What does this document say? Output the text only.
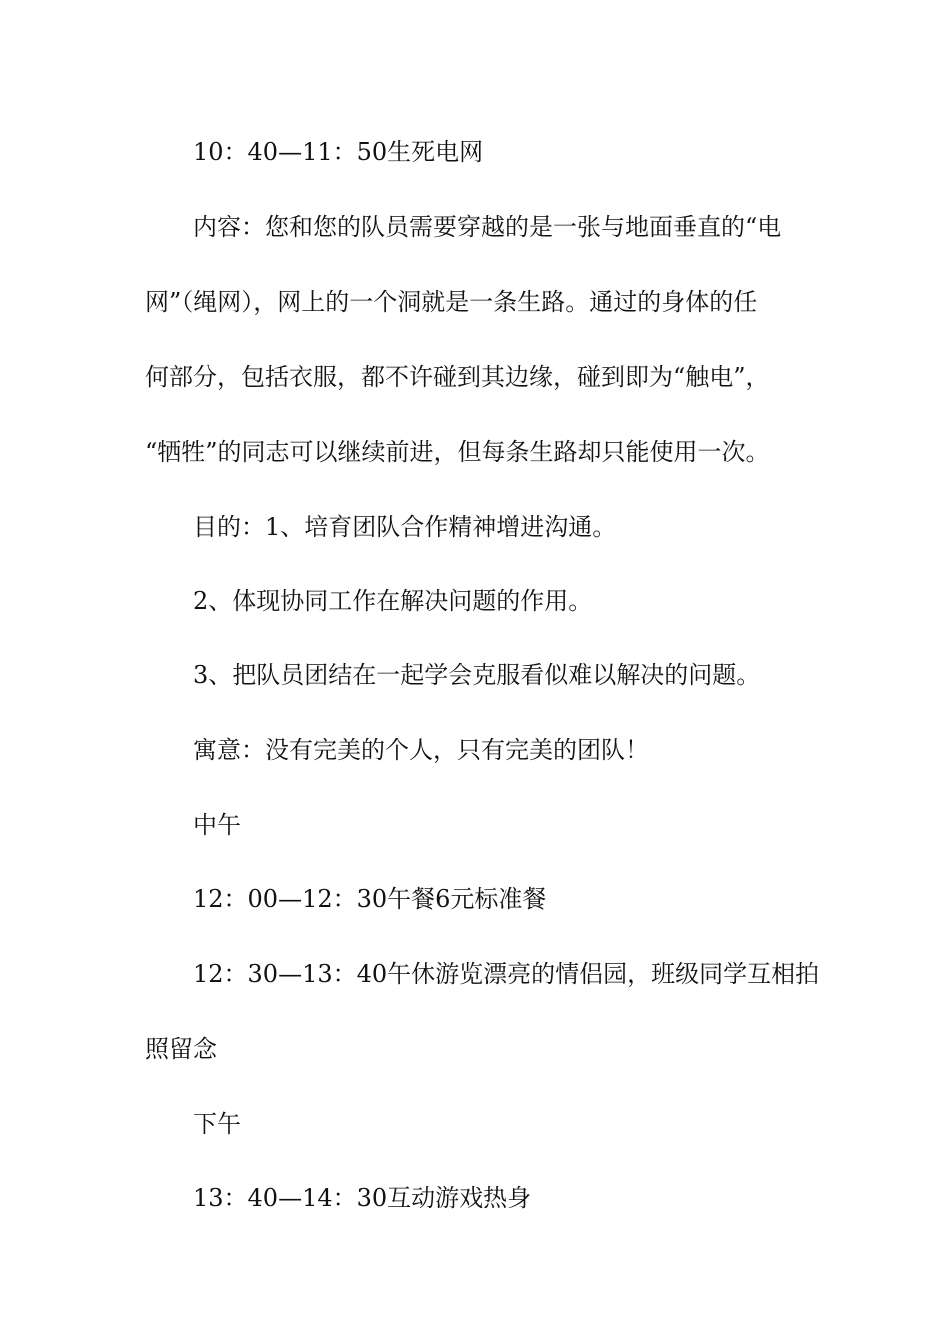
10：40—11：50生死电网

内容：您和您的队员需要穿越的是一张与地面垂直的“电

网”（绳网），网上的一个洞就是一条生路。通过的身体的任

何部分，包括衣服，都不许碰到其边缘，碰到即为“触电”，

“牺牲”的同志可以继续前进，但每条生路却只能使用一次。

目的：1、培育团队合作精神增进沟通。

2、体现协同工作在解决问题的作用。

3、把队员团结在一起学会克服看似难以解决的问题。

寓意：没有完美的个人，只有完美的团队！

中午

12：00—12：30午餐6元标准餐

12：30—13：40午休游览漂亮的情侣园，班级同学互相拍

照留念

下午

13：40—14：30互动游戏热身
